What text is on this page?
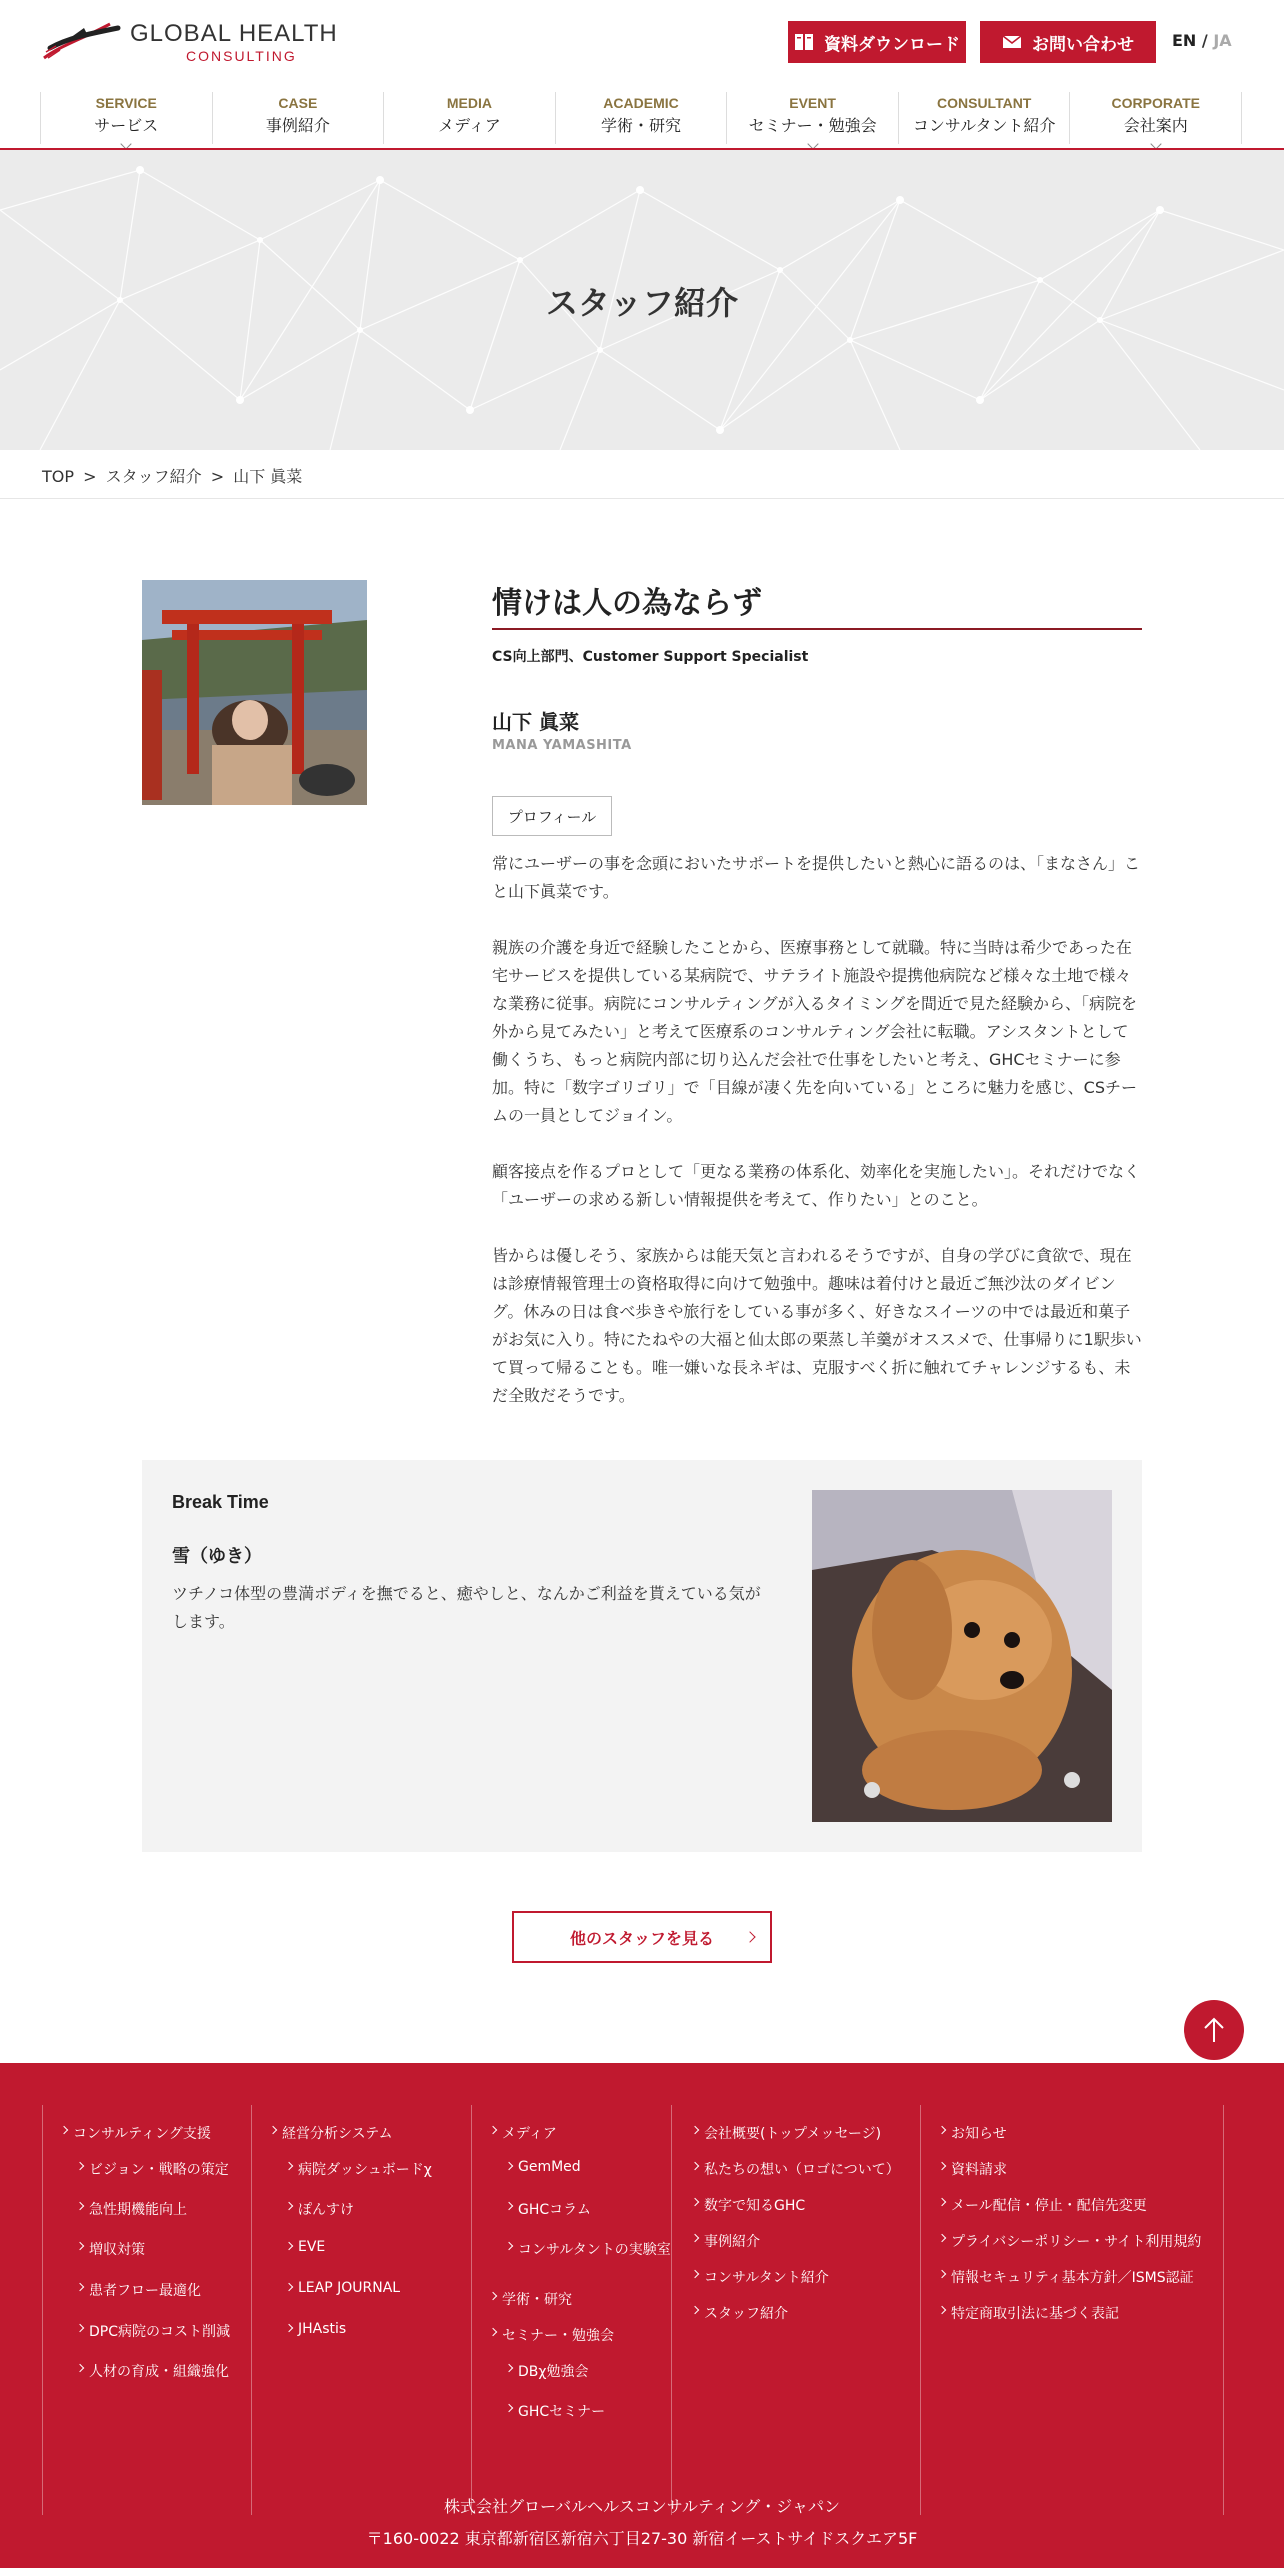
GLOBAL HEALTH
CONSULTING
資料ダウンロード	お問い合わせ EN / JA
SERVICE
サービス
CASE
事例紹介
MEDIA
メディア
ACADEMIC
学術・研究
EVENT
セミナー・勉強会
CONSULTANT
コンサルタント紹介
CORPORATE
会社案内
スタッフ紹介
TOP > スタッフ紹介 > 山下 眞菜
情けは人の為ならず
CS向上部門、Customer Support Specialist
山下 眞菜
MANA YAMASHITA
プロフィール

常にユーザーの事を念頭においたサポートを提供したいと熱心に語るのは、「まなさん」こと山下眞菜です。

親族の介護を身近で経験したことから、医療事務として就職。特に当時は希少であった在宅サービスを提供している某病院で、サテライト施設や提携他病院など様々な土地で様々な業務に従事。病院にコンサルティングが入るタイミングを間近で見た経験から、「病院を外から見てみたい」と考えて医療系のコンサルティング会社に転職。アシスタントとして働くうち、もっと病院内部に切り込んだ会社で仕事をしたいと考え、GHCセミナーに参加。特に「数字ゴリゴリ」で「目線が凄く先を向いている」ところに魅力を感じ、CSチームの一員としてジョイン。

顧客接点を作るプロとして「更なる業務の体系化、効率化を実施したい」。それだけでなく「ユーザーの求める新しい情報提供を考えて、作りたい」とのこと。

皆からは優しそう、家族からは能天気と言われるそうですが、自身の学びに貪欲で、現在は診療情報管理士の資格取得に向けて勉強中。趣味は着付けと最近ご無沙汰のダイビング。休みの日は食べ歩きや旅行をしている事が多く、好きなスイーツの中では最近和菓子がお気に入り。特にたねやの大福と仙太郎の栗蒸し羊羹がオススメで、仕事帰りに1駅歩いて買って帰ることも。唯一嫌いな長ネギは、克服すべく折に触れてチャレンジするも、未だ全敗だそうです。

Break Time
雪（ゆき）
ツチノコ体型の豊満ボディを撫でると、癒やしと、なんかご利益を貰えている気がします。
他のスタッフを見る
コンサルティング支援
ビジョン・戦略の策定
急性期機能向上
増収対策
患者フロー最適化
DPC病院のコスト削減
人材の育成・組織強化
経営分析システム
病院ダッシュボードχ
ぽんすけ
EVE
LEAP JOURNAL
JHAstis
メディア
GemMed
GHCコラム
コンサルタントの実験室
学術・研究
セミナー・勉強会
DBχ勉強会
GHCセミナー
会社概要(トップメッセージ)
私たちの想い（ロゴについて）
数字で知るGHC
事例紹介
コンサルタント紹介
スタッフ紹介
お知らせ
資料請求
メール配信・停止・配信先変更
プライバシーポリシー・サイト利用規約
情報セキュリティ基本方針／ISMS認証
特定商取引法に基づく表記
株式会社グローバルヘルスコンサルティング・ジャパン
〒160-0022 東京都新宿区新宿六丁目27-30 新宿イーストサイドスクエア5F
